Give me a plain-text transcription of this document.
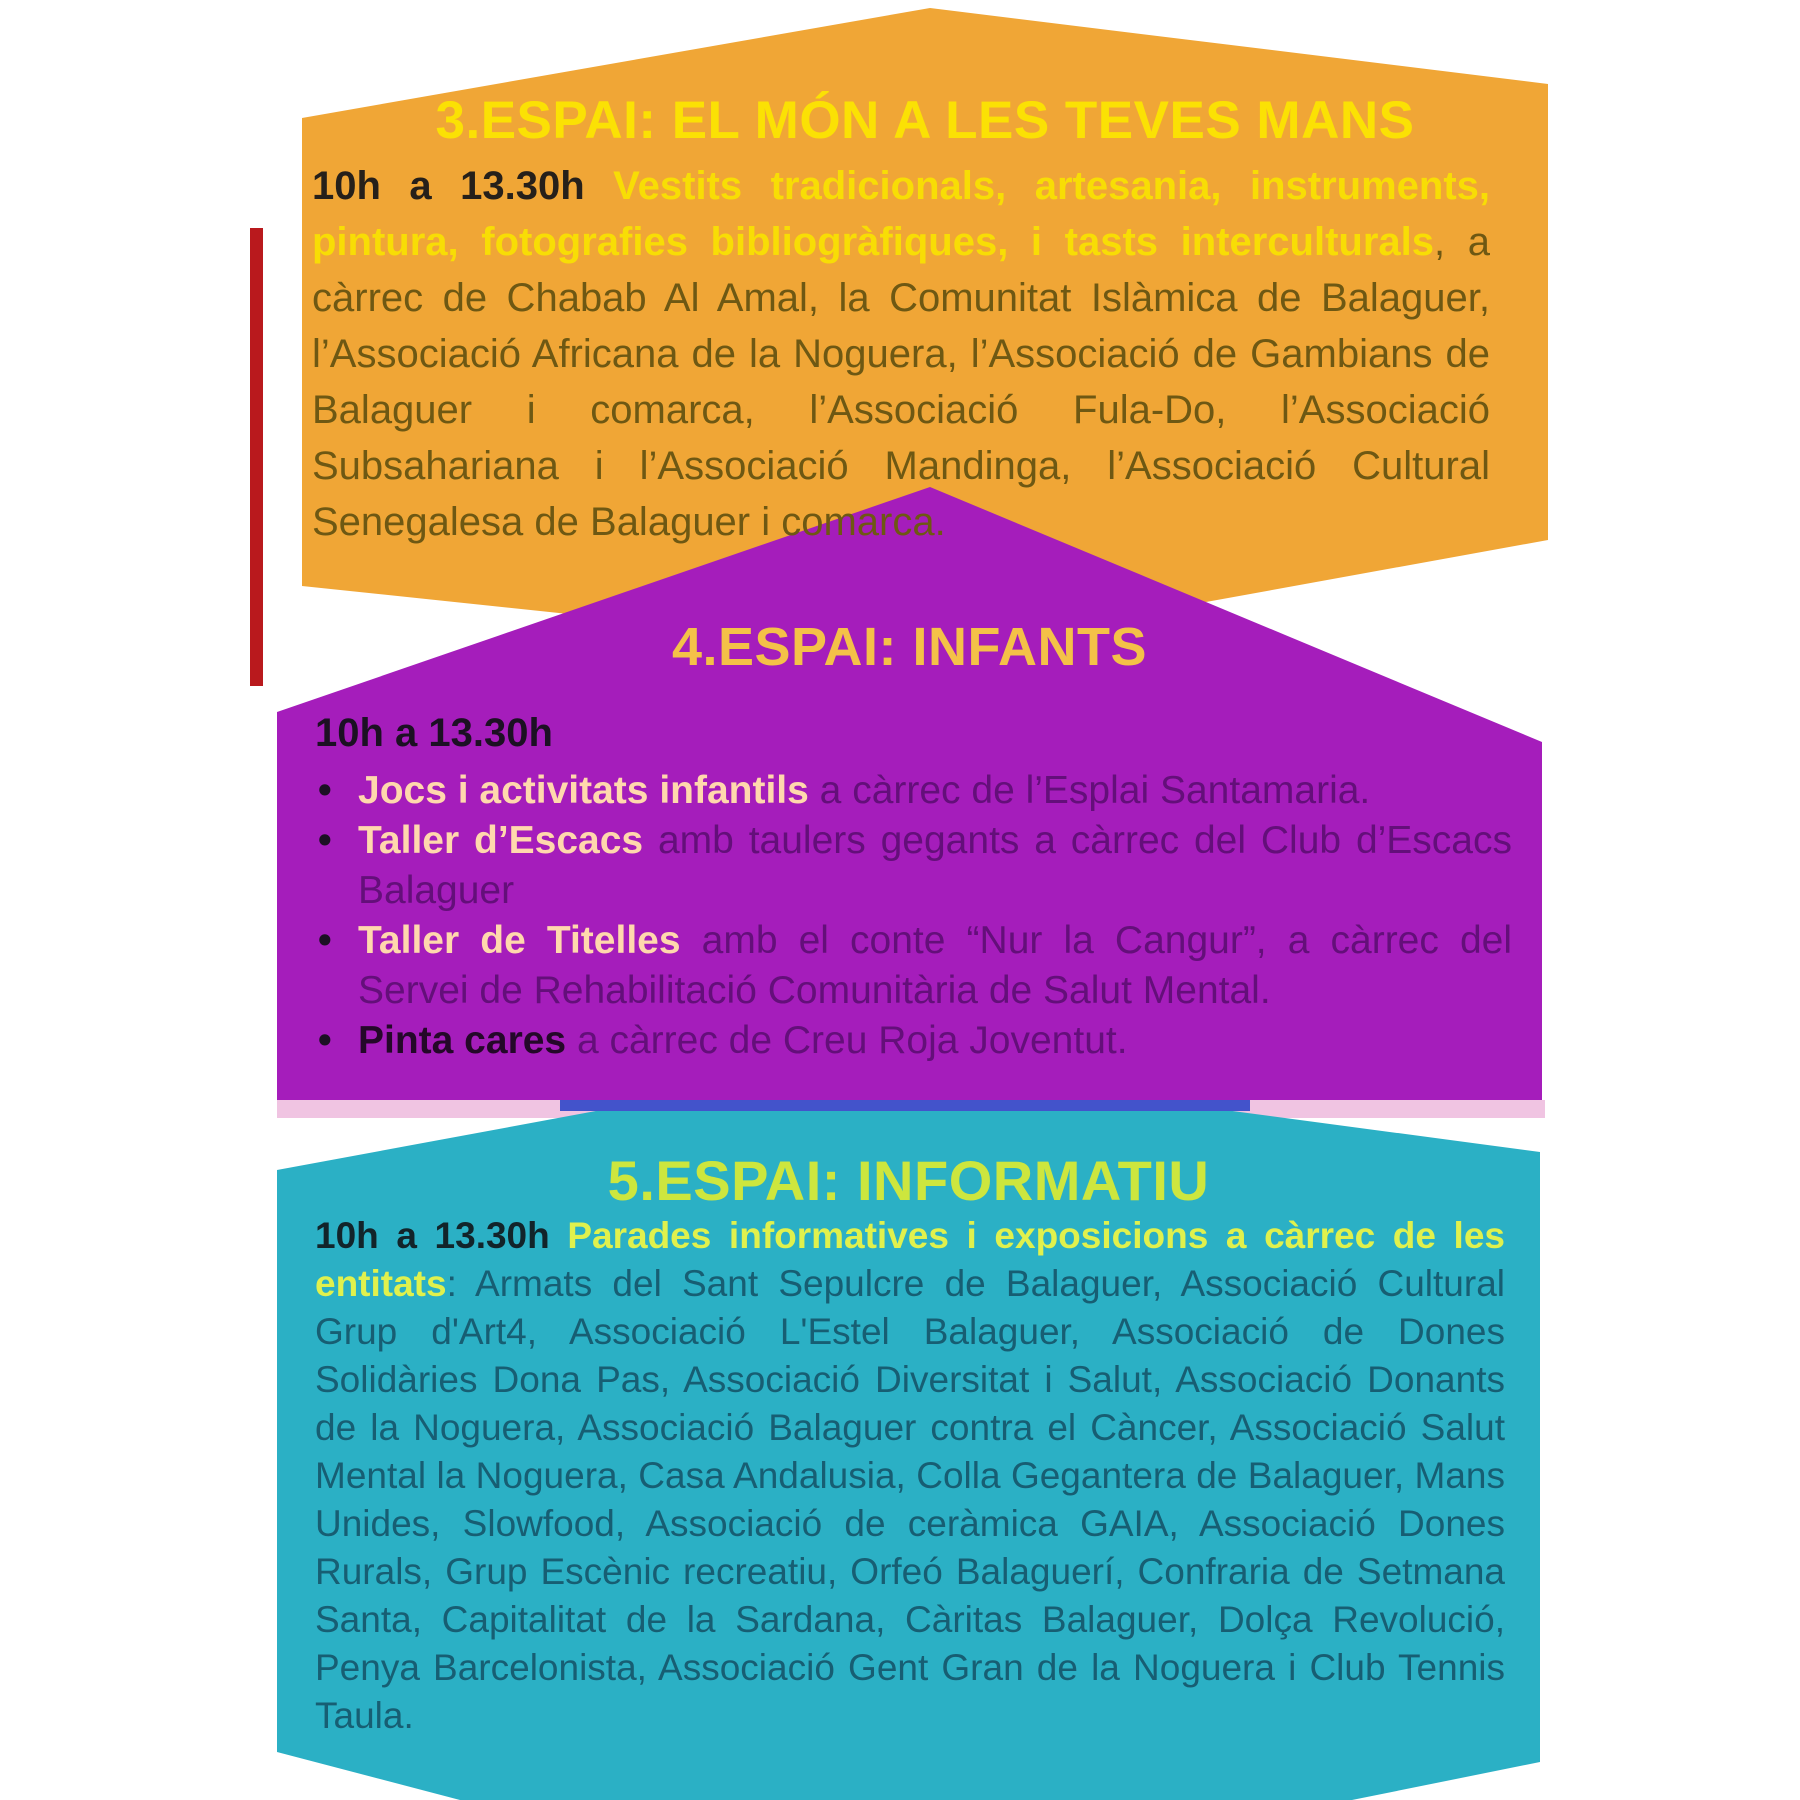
3.ESPAI: EL MÓN A LES TEVES MANS
10h a 13.30h Vestits tradicionals, artesania, instruments, pintura, fotografies bibliogràfiques, i tasts interculturals, a càrrec de Chabab Al Amal, la Comunitat Islàmica de Balaguer, l’Associació Africana de la Noguera, l’Associació de Gambians de Balaguer i comarca, l’Associació Fula-Do, l’Associació Subsahariana i l’Associació Mandinga, l’Associació Cultural Senegalesa de Balaguer i comarca.
4.ESPAI: INFANTS
10h a 13.30h
• Jocs i activitats infantils a càrrec de l’Esplai Santamaria.
• Taller d’Escacs amb taulers gegants a càrrec del Club d’Escacs Balaguer
• Taller de Titelles amb el conte “Nur la Cangur”, a càrrec del Servei de Rehabilitació Comunitària de Salut Mental.
• Pinta cares a càrrec de Creu Roja Joventut.
5.ESPAI: INFORMATIU
10h a 13.30h Parades informatives i exposicions a càrrec de les entitats: Armats del Sant Sepulcre de Balaguer, Associació Cultural Grup d'Art4, Associació L'Estel Balaguer, Associació de Dones Solidàries Dona Pas, Associació Diversitat i Salut, Associació Donants de la Noguera, Associació Balaguer contra el Càncer, Associació Salut Mental la Noguera, Casa Andalusia, Colla Gegantera de Balaguer, Mans Unides, Slowfood, Associació de ceràmica GAIA, Associació Dones Rurals, Grup Escènic recreatiu, Orfeó Balaguerí, Confraria de Setmana Santa, Capitalitat de la Sardana, Càritas Balaguer, Dolça Revolució, Penya Barcelonista, Associació Gent Gran de la Noguera i Club Tennis Taula.
